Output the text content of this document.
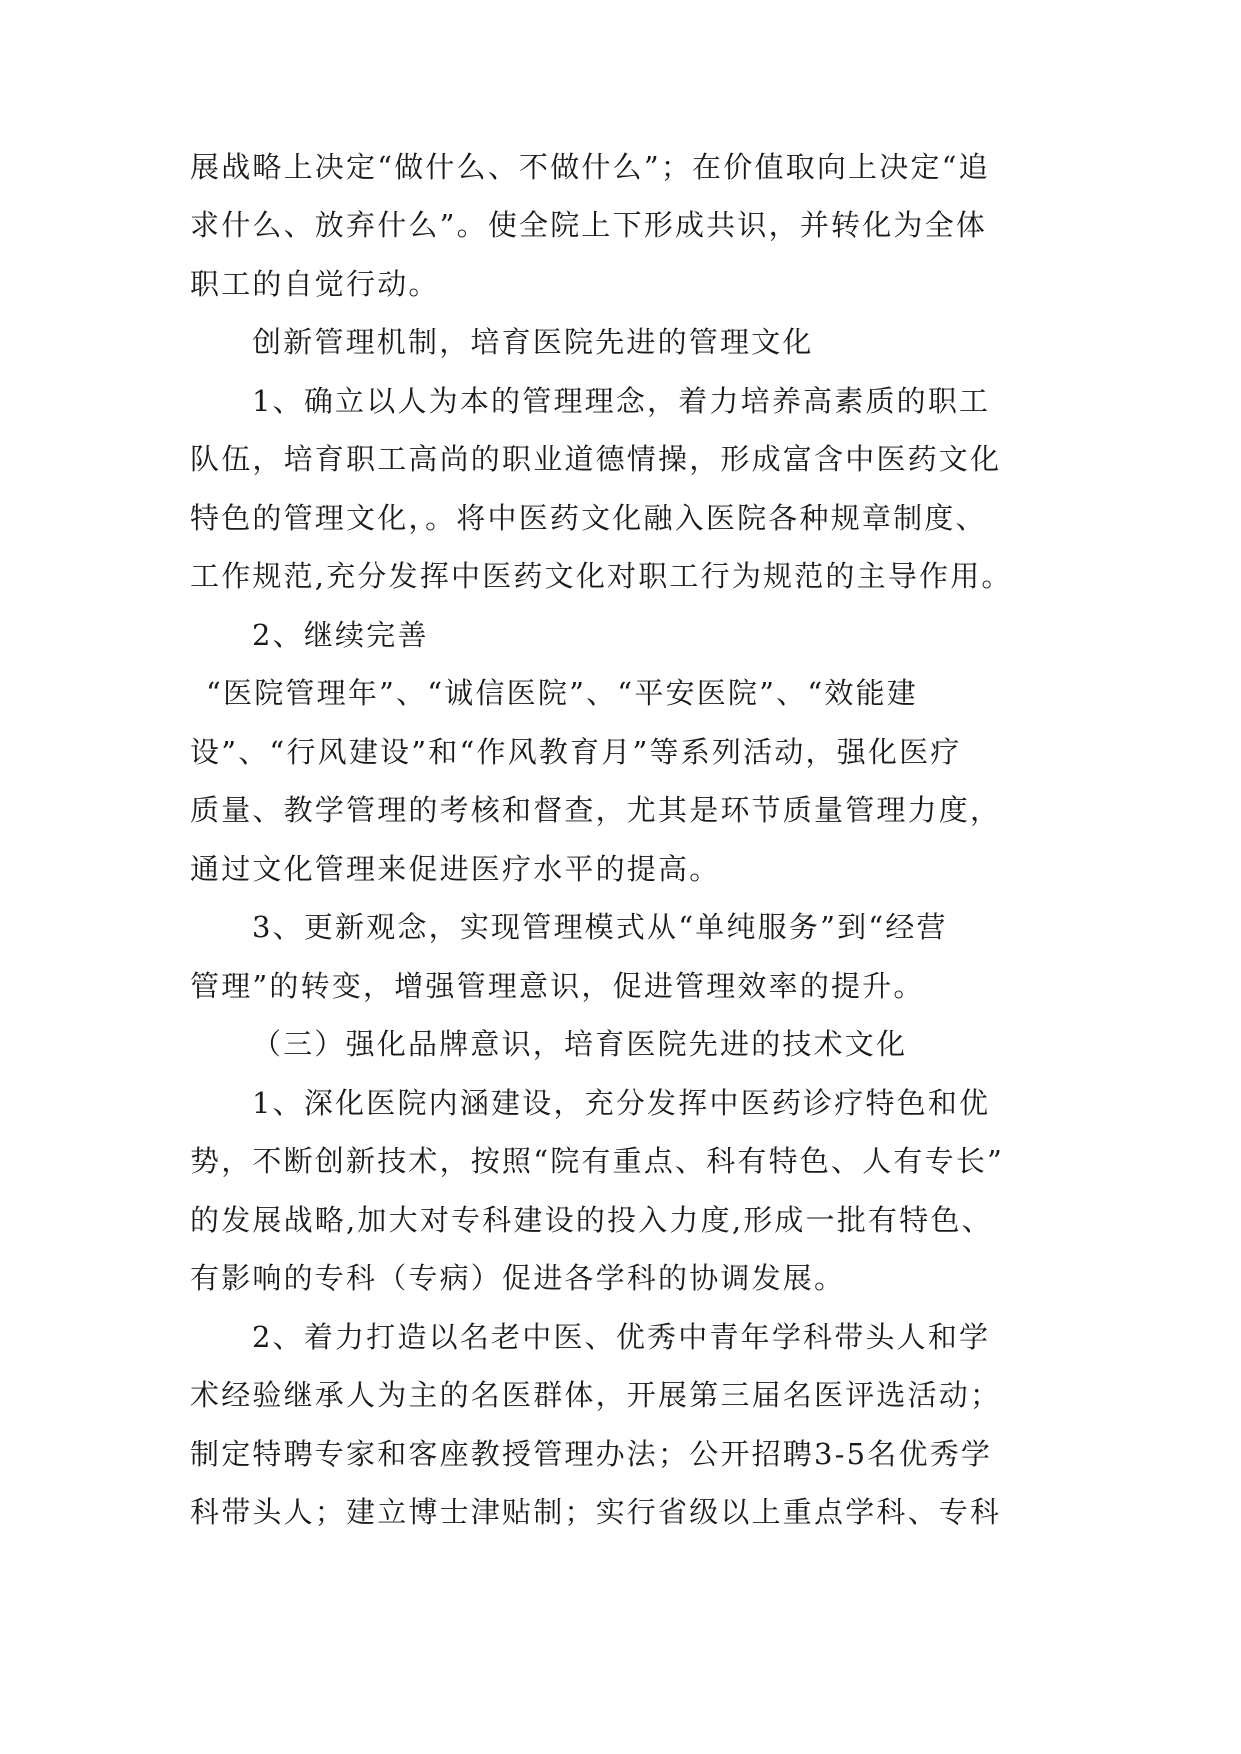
展战略上决定“做什么、不做什么”；在价值取向上决定“追
求什么、放弃什么”。使全院上下形成共识，并转化为全体
职工的自觉行动。
创新管理机制，培育医院先进的管理文化
1、确立以人为本的管理理念，着力培养高素质的职工
队伍，培育职工高尚的职业道德情操，形成富含中医药文化
特色的管理文化，。将中医药文化融入医院各种规章制度、
工作规范,充分发挥中医药文化对职工行为规范的主导作用。
2、继续完善
“医院管理年”、“诚信医院”、“平安医院”、“效能建
设”、“行风建设”和“作风教育月”等系列活动，强化医疗
质量、教学管理的考核和督查，尤其是环节质量管理力度，
通过文化管理来促进医疗水平的提高。
3、更新观念，实现管理模式从“单纯服务”到“经营
管理”的转变，增强管理意识，促进管理效率的提升。
（三）强化品牌意识，培育医院先进的技术文化
1、深化医院内涵建设，充分发挥中医药诊疗特色和优
势，不断创新技术，按照“院有重点、科有特色、人有专长”
的发展战略,加大对专科建设的投入力度,形成一批有特色、
有影响的专科（专病）促进各学科的协调发展。
2、着力打造以名老中医、优秀中青年学科带头人和学
术经验继承人为主的名医群体，开展第三届名医评选活动；
制定特聘专家和客座教授管理办法；公开招聘3-5名优秀学
科带头人；建立博士津贴制；实行省级以上重点学科、专科
